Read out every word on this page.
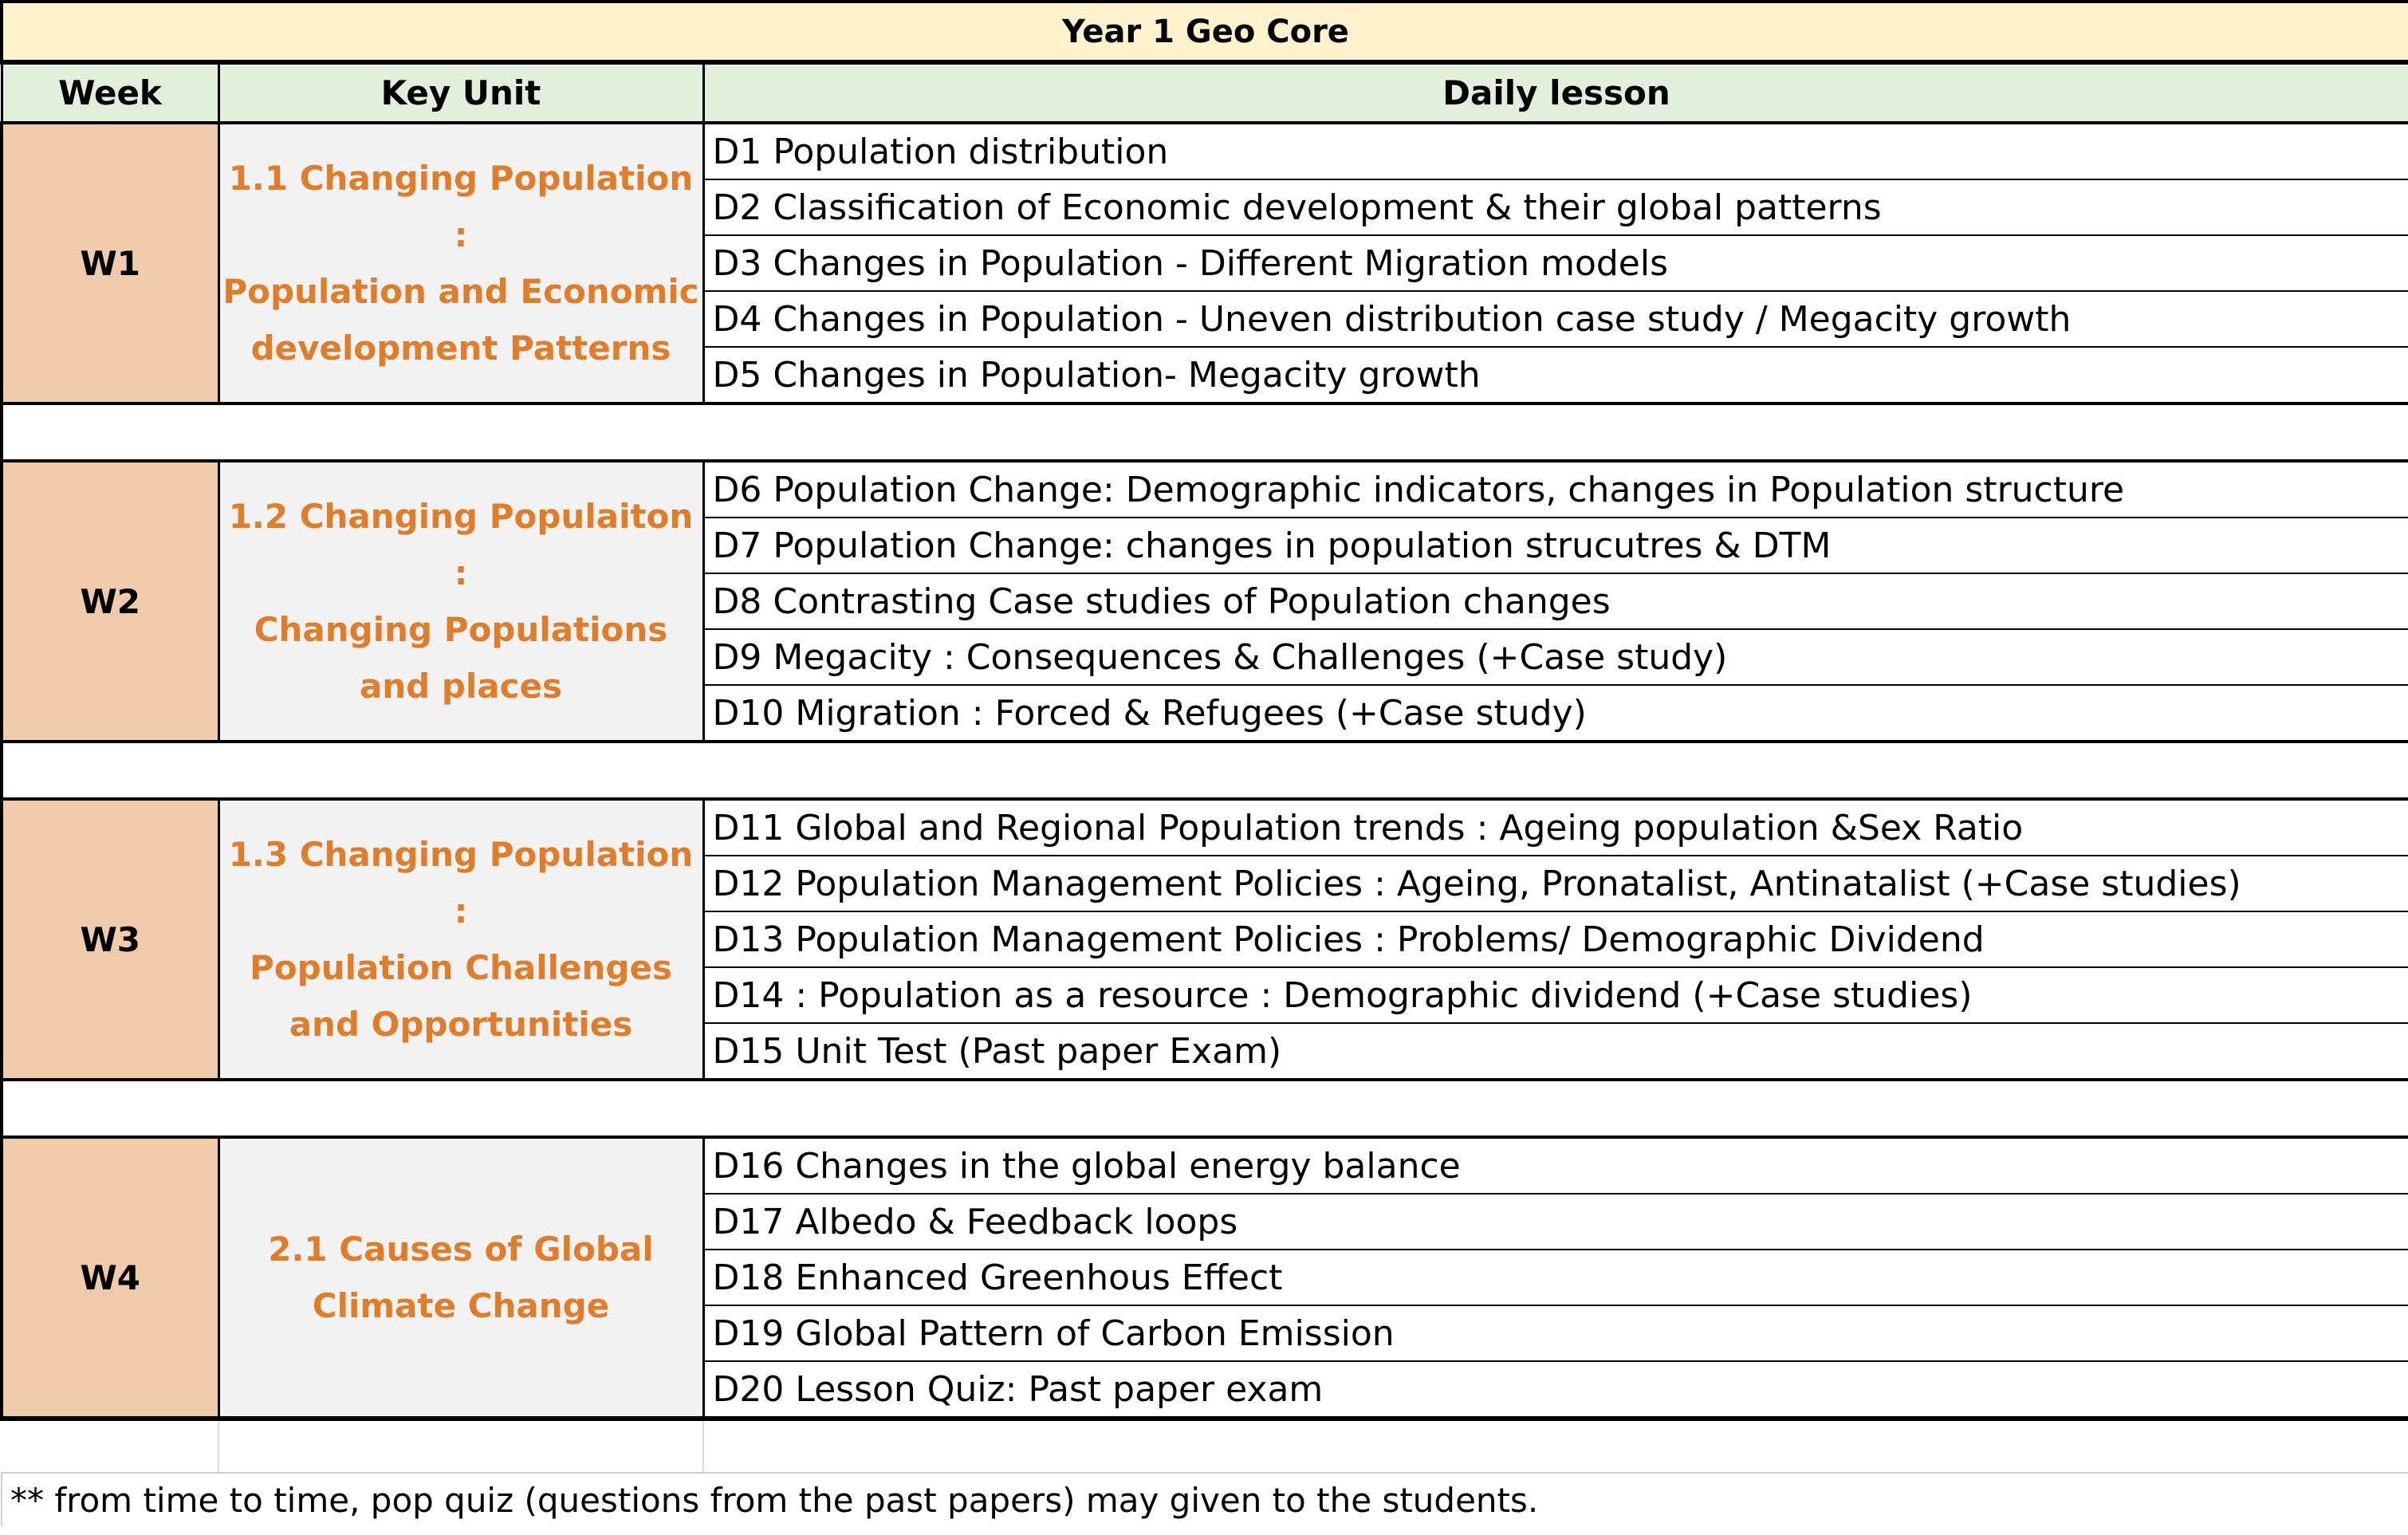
Year 1 Geo Core		
Week	Key Unit	Daily lesson
W1	1.1 Changing Population :
Population and Economic
development Patterns	D1 Population distribution
		D2 Classification of Economic development & their global patterns
		D3 Changes in Population - Different Migration models
		D4 Changes in Population - Uneven distribution case study / Megacity growth
		D5 Changes in Population- Megacity growth

W2	1.2 Changing Populaiton :
Changing Populations
and places	D6 Population Change: Demographic indicators, changes in Population structure
		D7 Population Change: changes in population strucutres & DTM
		D8 Contrasting Case studies of Population changes
		D9 Megacity : Consequences & Challenges (+Case study)
		D10 Migration : Forced & Refugees (+Case study)

W3	1.3 Changing Population :
Population Challenges
and Opportunities	D11 Global and Regional Population trends : Ageing population &Sex Ratio
		D12 Population Management Policies : Ageing, Pronatalist, Antinatalist (+Case studies)
		D13 Population Management Policies : Problems/ Demographic Dividend
		D14 : Population as a resource : Demographic dividend (+Case studies)
		D15 Unit Test (Past paper Exam)

W4	2.1 Causes of Global
Climate Change	D16 Changes in the global energy balance
		D17 Albedo & Feedback loops
		D18 Enhanced Greenhous Effect
		D19 Global Pattern of Carbon Emission
		D20 Lesson Quiz: Past paper exam

** from time to time, pop quiz (questions from the past papers) may given to the students.		
